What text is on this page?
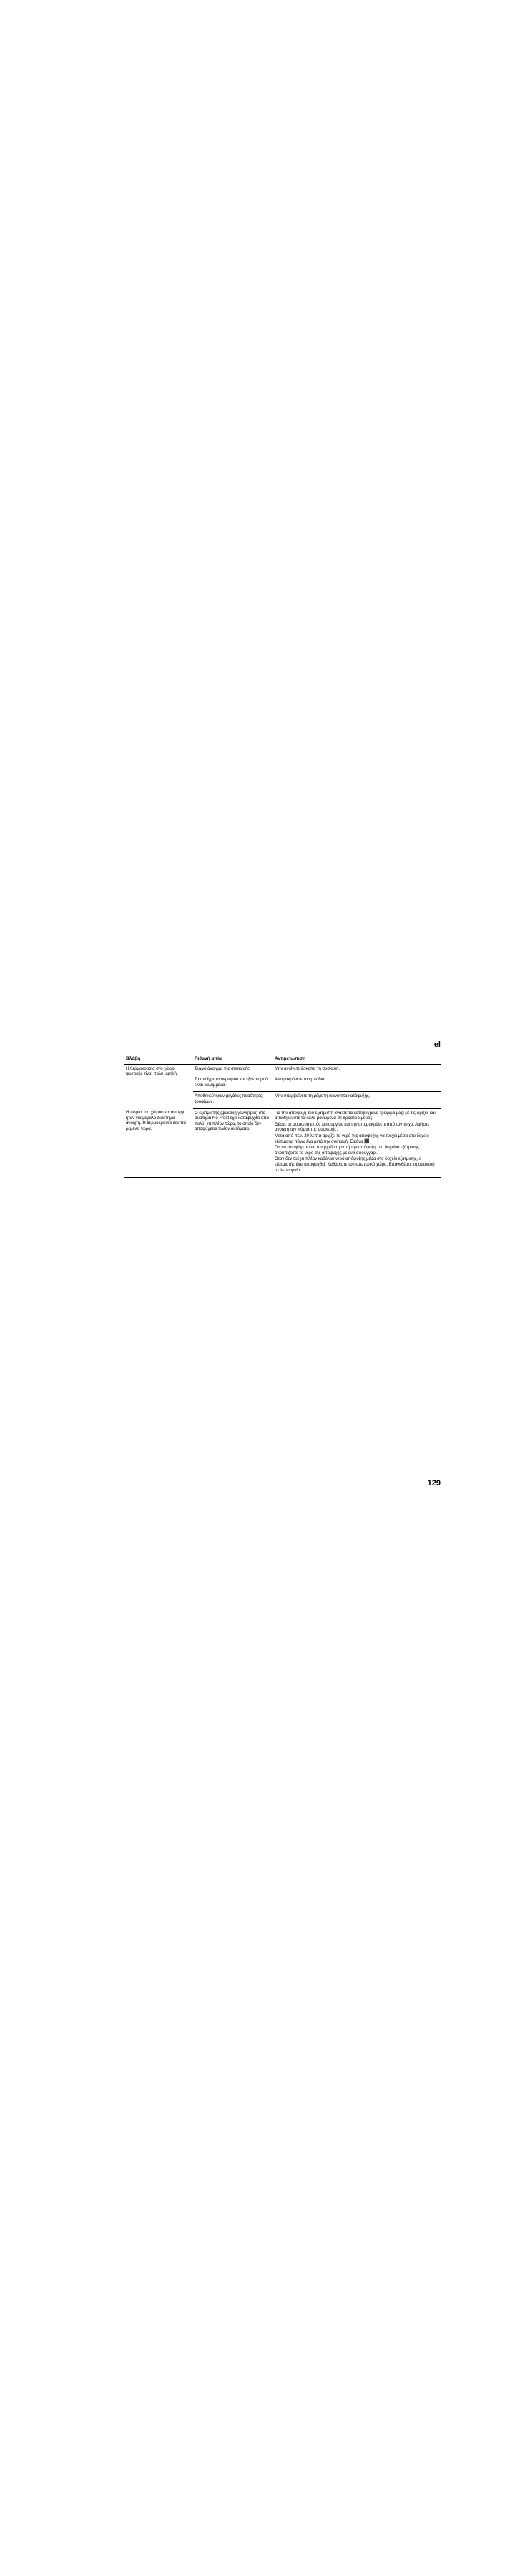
el
Βλάβη	Πιθανή αιτία	Αντιμετώπιση
Η θερμοκρασία στο χώρο ψυκτικής είναι πολύ υψηλή.	Συχνό άνοιγμα της συσκευής.	Μην ανοίγετε άσκοπα τη συσκευή.
	Τα ανοίγματα αερισμού και εξαερισμού είναι καλυμμένα.	Απομακρύνετε τα εμπόδια.
	Αποθηκεύτηκαν μεγάλες ποσότητες τροφίμων.	Μην υπερβαίνετε τη μέγιστη ικανότητα κατάψυξης.
Η πόρτα του χώρου κατάψυξης ήταν για μεγάλο διάστημα ανοιχτή. Η θερμοκρασία δεν πα-ρεμένει τώρα.	Ο εξατμιστής (ψυκτική γεννήτρια) στο σύστημα No Frost έχει καταψυχθεί από πολύ, επιπλέον τώρα, το οποίο δεν αποψύχεται πλέον αυτόματα.	Για την απόψυξη του εξατμιστή βγάλτε τα κατεψυγμένα τρόφιμα μαζί με τις φρίζες και αποθηκεύστε τα καλά μονωμένα σε δροσερό μέρος.
Θέστε τη συσκευή εκτός λειτουργίας και την απομακρύνετε από τον τοίχο. Αφήστε ανοιχτή την πόρτα της συσκευής.
Μετά από περ. 20 λεπτά αρχίζει το νερό της απόψυξης να τρέχει μέσα στο δοχείο εξάτμισης πάνω ένα μετά την συσκευή. Εικόνα ⬛
Για να αποφύγετε ενα υπερχείλιση αυτή την απόψυξη του δοχείου εξάτμισης, σκουπίζεστε το νερό της απόψυξης με ένα σφουγγάρι.
Όταν δεν τρέχει πλέον καθόλου νερό απόψυξης μέσα στο δοχείο εξάτμισης, ο εξατμιστής έχει αποψυχθεί. Καθαρίστε τον εσωτερικό χώρο. Επανεθέστε τη συσκευή σε λειτουργία.
129
